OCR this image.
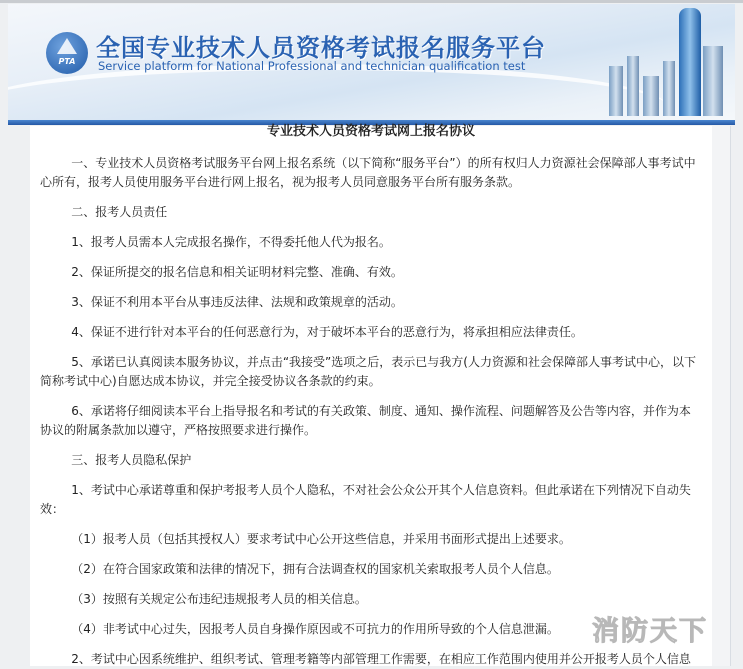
PTA 全国专业技术人员资格考试报名服务平台
Service platform for National Professional and technician qualification test
专业技术人员资格考试网上报名协议

一、专业技术人员资格考试服务平台网上报名系统（以下简称“服务平台”）的所有权归人力资源社会保障部人事考试中心所有，报考人员使用服务平台进行网上报名，视为报考人员同意服务平台所有服务条款。

二、报考人员责任

1、报考人员需本人完成报名操作，不得委托他人代为报名。

2、保证所提交的报名信息和相关证明材料完整、准确、有效。

3、保证不利用本平台从事违反法律、法规和政策规章的活动。

4、保证不进行针对本平台的任何恶意行为，对于破坏本平台的恶意行为，将承担相应法律责任。

5、承诺已认真阅读本服务协议，并点击“我接受”选项之后，表示已与我方(人力资源和社会保障部人事考试中心，以下简称考试中心)自愿达成本协议，并完全接受协议各条款的约束。

6、承诺将仔细阅读本平台上指导报名和考试的有关政策、制度、通知、操作流程、问题解答及公告等内容，并作为本协议的附属条款加以遵守，严格按照要求进行操作。

三、报考人员隐私保护

1、考试中心承诺尊重和保护考报考人员个人隐私，不对社会公众公开其个人信息资料。但此承诺在下列情况下自动失效：

（1）报考人员（包括其授权人）要求考试中心公开这些信息，并采用书面形式提出上述要求。

（2）在符合国家政策和法律的情况下，拥有合法调查权的国家机关索取报考人员个人信息。

（3）按照有关规定公布违纪违规报考人员的相关信息。

（4）非考试中心过失，因报考人员自身操作原因或不可抗力的作用所导致的个人信息泄漏。

2、考试中心因系统维护、组织考试、管理考籍等内部管理工作需要，在相应工作范围内使用并公开报考人员个人信息

消防天下
